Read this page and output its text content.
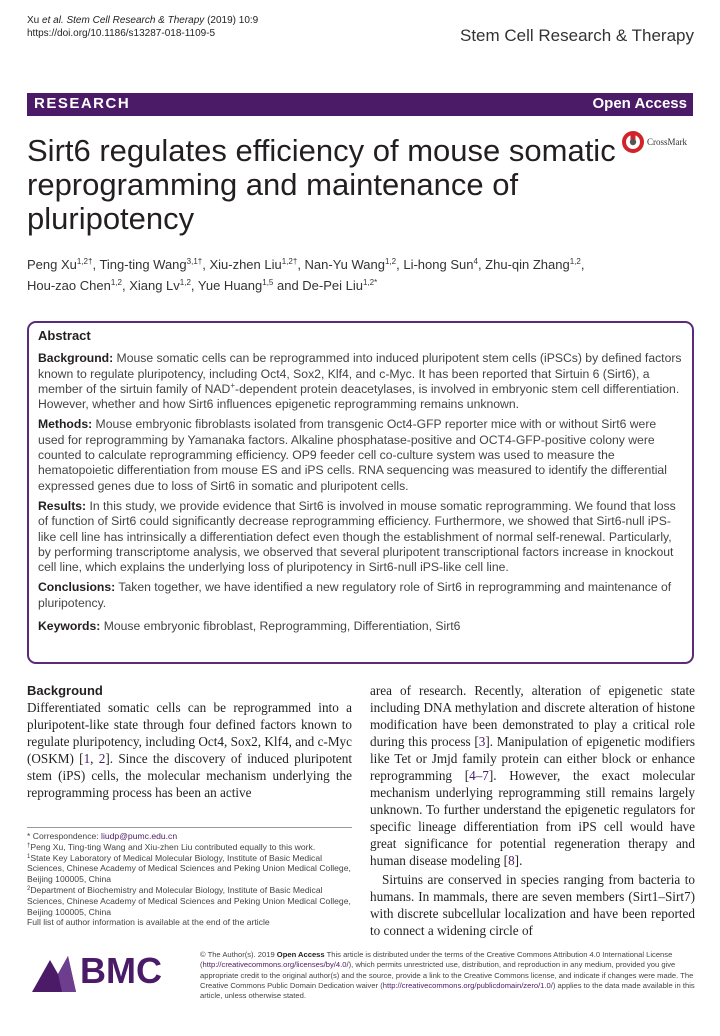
Xu et al. Stem Cell Research & Therapy (2019) 10:9
https://doi.org/10.1186/s13287-018-1109-5	Stem Cell Research & Therapy
RESEARCH	Open Access
Sirt6 regulates efficiency of mouse somatic reprogramming and maintenance of pluripotency
CrossMark
Peng $Xu^{1,2\dagger}$, Ting-ting Wang$^{3,1\dagger}$, Xiu-zhen Liu$^{1,2\dagger}$, Nan-Yu Wang$^{1,2}$, Li-hong Sun$^4$, Zhu-qin Zhang$^{1,2}$,
Hou-zao Chen$^{1,2}$, Xiang Lv$^{1,2}$, Yue Huang$^{1,5}$ and De-Pei Liu$^{1,2*}$
Abstract

Background: Mouse somatic cells can be reprogrammed into induced pluripotent stem cells (iPSCs) by defined factors known to regulate pluripotency, including Oct4, Sox2, Klf4, and c-Myc. It has been reported that Sirtuin 6 (Sirt6), a member of the sirtuin family of NAD+-dependent protein deacetylases, is involved in embryonic stem cell differentiation. However, whether and how Sirt6 influences epigenetic reprogramming remains unknown.

Methods: Mouse embryonic fibroblasts isolated from transgenic Oct4-GFP reporter mice with or without Sirt6 were used for reprogramming by Yamanaka factors. Alkaline phosphatase-positive and OCT4-GFP-positive colony were counted to calculate reprogramming efficiency. OP9 feeder cell co-culture system was used to measure the hematopoietic differentiation from mouse ES and iPS cells. RNA sequencing was measured to identify the differential expressed genes due to loss of Sirt6 in somatic and pluripotent cells.

Results: In this study, we provide evidence that Sirt6 is involved in mouse somatic reprogramming. We found that loss of function of Sirt6 could significantly decrease reprogramming efficiency. Furthermore, we showed that Sirt6-null iPS-like cell line has intrinsically a differentiation defect even though the establishment of normal self-renewal. Particularly, by performing transcriptome analysis, we observed that several pluripotent transcriptional factors increase in knockout cell line, which explains the underlying loss of pluripotency in Sirt6-null iPS-like cell line.

Conclusions: Taken together, we have identified a new regulatory role of Sirt6 in reprogramming and maintenance of pluripotency.

Keywords: Mouse embryonic fibroblast, Reprogramming, Differentiation, Sirt6

Background

Differentiated somatic cells can be reprogrammed into a pluripotent-like state through four defined factors known to regulate pluripotency, including Oct4, Sox2, Klf4, and c-Myc (OSKM) [1, 2]. Since the discovery of induced pluripotent stem (iPS) cells, the molecular mechanism underlying the reprogramming process has been an active

* Correspondence: liudp@pumc.edu.cn
†Peng Xu, Ting-ting Wang and Xiu-zhen Liu contributed equally to this work.
$^1$State Key Laboratory of Medical Molecular Biology, Institute of Basic Medical Sciences, Chinese Academy of Medical Sciences and Peking Union Medical College, Beijing 100005, China
$^2$Department of Biochemistry and Molecular Biology, Institute of Basic Medical Sciences, Chinese Academy of Medical Sciences and Peking Union Medical College, Beijing 100005, China
Full list of author information is available at the end of the article

area of research. Recently, alteration of epigenetic state including DNA methylation and discrete alteration of histone modification have been demonstrated to play a critical role during this process [3]. Manipulation of epigenetic modifiers like Tet or Jmjd family protein can either block or enhance reprogramming [4–7]. However, the exact molecular mechanism underlying reprogramming still remains largely unknown. To further understand the epigenetic regulators for specific lineage differentiation from iPS cell would have great significance for potential regeneration therapy and human disease modeling [8].

Sirtuins are conserved in species ranging from bacteria to humans. In mammals, there are seven members (Sirt1–Sirt7) with discrete subcellular localization and have been reported to connect a widening circle of

BMC	© The Author(s). 2019 Open Access This article is distributed under the terms of the Creative Commons Attribution 4.0 International License (http://creativecommons.org/licenses/by/4.0/), which permits unrestricted use, distribution, and reproduction in any medium, provided you give appropriate credit to the original author(s) and the source, provide a link to the Creative Commons license, and indicate if changes were made. The Creative Commons Public Domain Dedication waiver (http://creativecommons.org/publicdomain/zero/1.0/) applies to the data made available in this article, unless otherwise stated.
